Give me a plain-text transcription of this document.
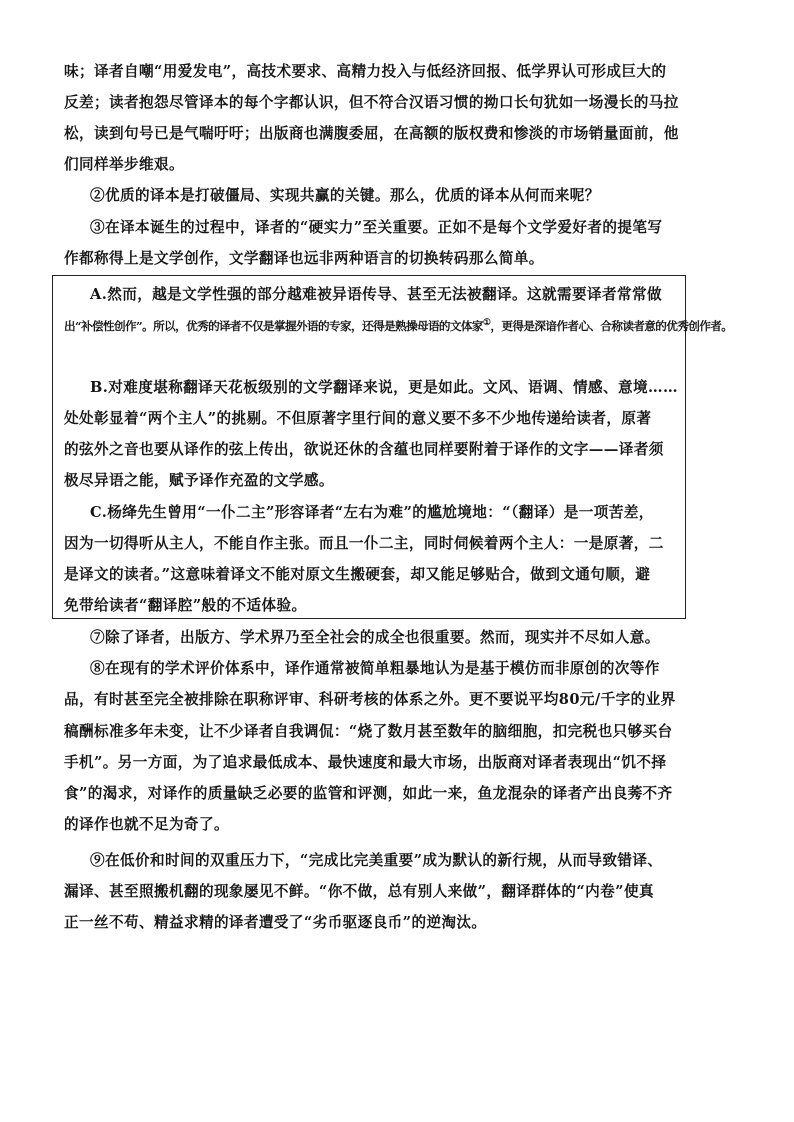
味；译者自嘲“用爱发电”，高技术要求、高精力投入与低经济回报、低学界认可形成巨大的
反差；读者抱怨尽管译本的每个字都认识，但不符合汉语习惯的拗口长句犹如一场漫长的马拉
松，读到句号已是气喘吁吁；出版商也满腹委屈，在高额的版权费和惨淡的市场销量面前，他
们同样举步维艰。
②优质的译本是打破僵局、实现共赢的关键。那么，优质的译本从何而来呢？
③在译本诞生的过程中，译者的“硬实力”至关重要。正如不是每个文学爱好者的提笔写
作都称得上是文学创作，文学翻译也远非两种语言的切换转码那么简单。
A.然而，越是文学性强的部分越难被异语传导、甚至无法被翻译。这就需要译者常常做
出“补偿性创作”。所以，优秀的译者不仅是掌握外语的专家，还得是熟操母语的文体家①，更得是深谙作者心、合称读者意的优秀创作者。
B.对难度堪称翻译天花板级别的文学翻译来说，更是如此。文风、语调、情感、意境……
处处彰显着“两个主人”的挑剔。不但原著字里行间的意义要不多不少地传递给读者，原著
的弦外之音也要从译作的弦上传出，欲说还休的含蕴也同样要附着于译作的文字——译者须
极尽异语之能，赋予译作充盈的文学感。
C.杨绛先生曾用“一仆二主”形容译者“左右为难”的尴尬境地：“（翻译）是一项苦差，
因为一切得听从主人，不能自作主张。而且一仆二主，同时伺候着两个主人：一是原著，二
是译文的读者。”这意味着译文不能对原文生搬硬套，却又能足够贴合，做到文通句顺，避
免带给读者“翻译腔”般的不适体验。
⑦除了译者，出版方、学术界乃至全社会的成全也很重要。然而，现实并不尽如人意。
⑧在现有的学术评价体系中，译作通常被简单粗暴地认为是基于模仿而非原创的次等作
品，有时甚至完全被排除在职称评审、科研考核的体系之外。更不要说平均80元/千字的业界
稿酬标准多年未变，让不少译者自我调侃：“烧了数月甚至数年的脑细胞，扣完税也只够买台
手机”。另一方面，为了追求最低成本、最快速度和最大市场，出版商对译者表现出“饥不择
食”的渴求，对译作的质量缺乏必要的监管和评测，如此一来，鱼龙混杂的译者产出良莠不齐
的译作也就不足为奇了。
⑨在低价和时间的双重压力下，“完成比完美重要”成为默认的新行规，从而导致错译、
漏译、甚至照搬机翻的现象屡见不鲜。“你不做，总有别人来做”，翻译群体的“内卷”使真
正一丝不苟、精益求精的译者遭受了“劣币驱逐良币”的逆淘汰。
